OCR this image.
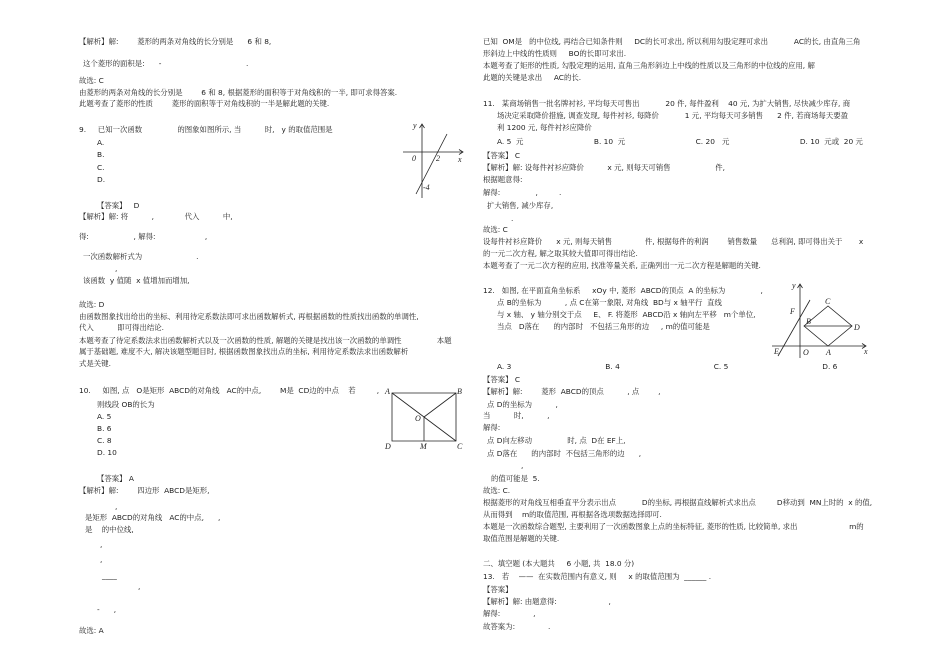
【解析】解:        菱形的两条对角线的长分别是      6 和 8,
这个菱形的面积是:      -                                    .
故选: C
由菱形的两条对角线的长分别是        6 和 8, 根据菱形的面积等于对角线积的一半, 即可求得答案.
此题考查了菱形的性质        菱形的面积等于对角线积的一半是解此题的关键.
9.     已知一次函数               的图象如图所示, 当          时,   y 的取值范围是
A.
B.
C.
D.
【答案】   D
【解析】解: 将          ,             代入          中,
得:                   , 解得:                     ,
一次函数解析式为                       .
,
该函数  y 值随  x 值增加而增加,
故选: D
由函数图象找出给出的坐标、利用待定系数法即可求出函数解析式, 再根据函数的性质找出函数的单调性,
代入          即可得出结论.
本题考查了待定系数法求出函数解析式以及一次函数的性质, 解题的关键是找出该一次函数的单调性               本题
属于基础题, 难度不大, 解决该题型题目时, 根据函数图象找出点的坐标, 利用待定系数法求出函数解析
式是关键.
10.     如图, 点   O是矩形  ABCD的对角线   AC的中点,        M是  CD边的中点    若         ,
则线段 OB的长为
A. 5
B. 6
C. 8
D. 10
【答案】 A
【解析】解:        四边形  ABCD是矩形,
,
是矩形  ABCD的对角线   AC的中点,      ,
是    的中位线,
,
,
____
,
-      ,
故选: A
已知  OM是   的中位线, 再结合已知条件则     DC的长可求出, 所以利用勾股定理可求出           AC的长, 由直角三角
形斜边上中线的性质则     BO的长即可求出.
本题考查了矩形的性质, 勾股定理的运用, 直角三角形斜边上中线的性质以及三角形的中位线的应用, 解
此题的关键是求出     AC的长.
11.   某商场销售一批名牌衬衫, 平均每天可售出           20 件, 每件盈利    40 元, 为扩大销售, 尽快减少库存, 商
场决定采取降价措施, 调查发现, 每件衬衫, 每降价           1 元, 平均每天可多销售      2 件, 若商场每天要盈
利 1200 元, 每件衬衫应降价
A. 5  元                              B. 10  元                              C. 20   元                              D. 10  元或  20 元
【答案】 C
【解析】解: 设每件衬衫应降价          x 元, 则每天可销售                   件,
根据题意得:
解得:               ,         .
扩大销售, 减少库存,
.
故选: C
设每件衬衫应降价      x 元, 则每天销售              件, 根据每件的利润        销售数量      总利润, 即可得出关于       x
的一元二次方程, 解之取其较大值即可得出结论.
本题考查了一元二次方程的应用, 找准等量关系, 正确列出一元二次方程是解题的关键.
12.   如图, 在平面直角坐标系     xOy 中, 菱形  ABCD的顶点  A 的坐标为               ,
点 B的坐标为          , 点 C在第一象限, 对角线  BD与 x 轴平行  直线
与 x 轴、 y 轴分别交于点     E、 F. 将菱形  ABCD沿 x 轴向左平移   m个单位,
当点   D落在      的内部时   不包括三角形的边     , m的值可能是
A. 3                                        B. 4                                        C. 5                                        D. 6
【答案】 C
【解析】解:        菱形  ABCD的顶点          , 点        ,
点 D的坐标为          ,
当          时,          ,
解得:
点 D向左移动               时, 点  D在 EF上,
点 D落在      的内部时  不包括三角形的边      ,
,
的值可能是  5.
故选: C.
根据菱形的对角线互相垂直平分表示出点           D的坐标, 再根据直线解析式求出点         D移动到  MN上时的  x 的值,
从而得到    m的取值范围, 再根据各选项数据选择即可.
本题是一次函数综合题型, 主要利用了一次函数图象上点的坐标特征, 菱形的性质, 比较简单, 求出                      m的
取值范围是解题的关键.
二、填空题 (本大题共     6 小题, 共  18.0 分)
13.   若    ——  在实数范围内有意义, 则     x 的取值范围为  ______ .
【答案】
【解析】解: 由题意得:                      ,
解得:              ,
故答案为:              .
y
x
0	2
-4
A	B
C
D
O
M
y
x
O A
B
C
D
E
F
